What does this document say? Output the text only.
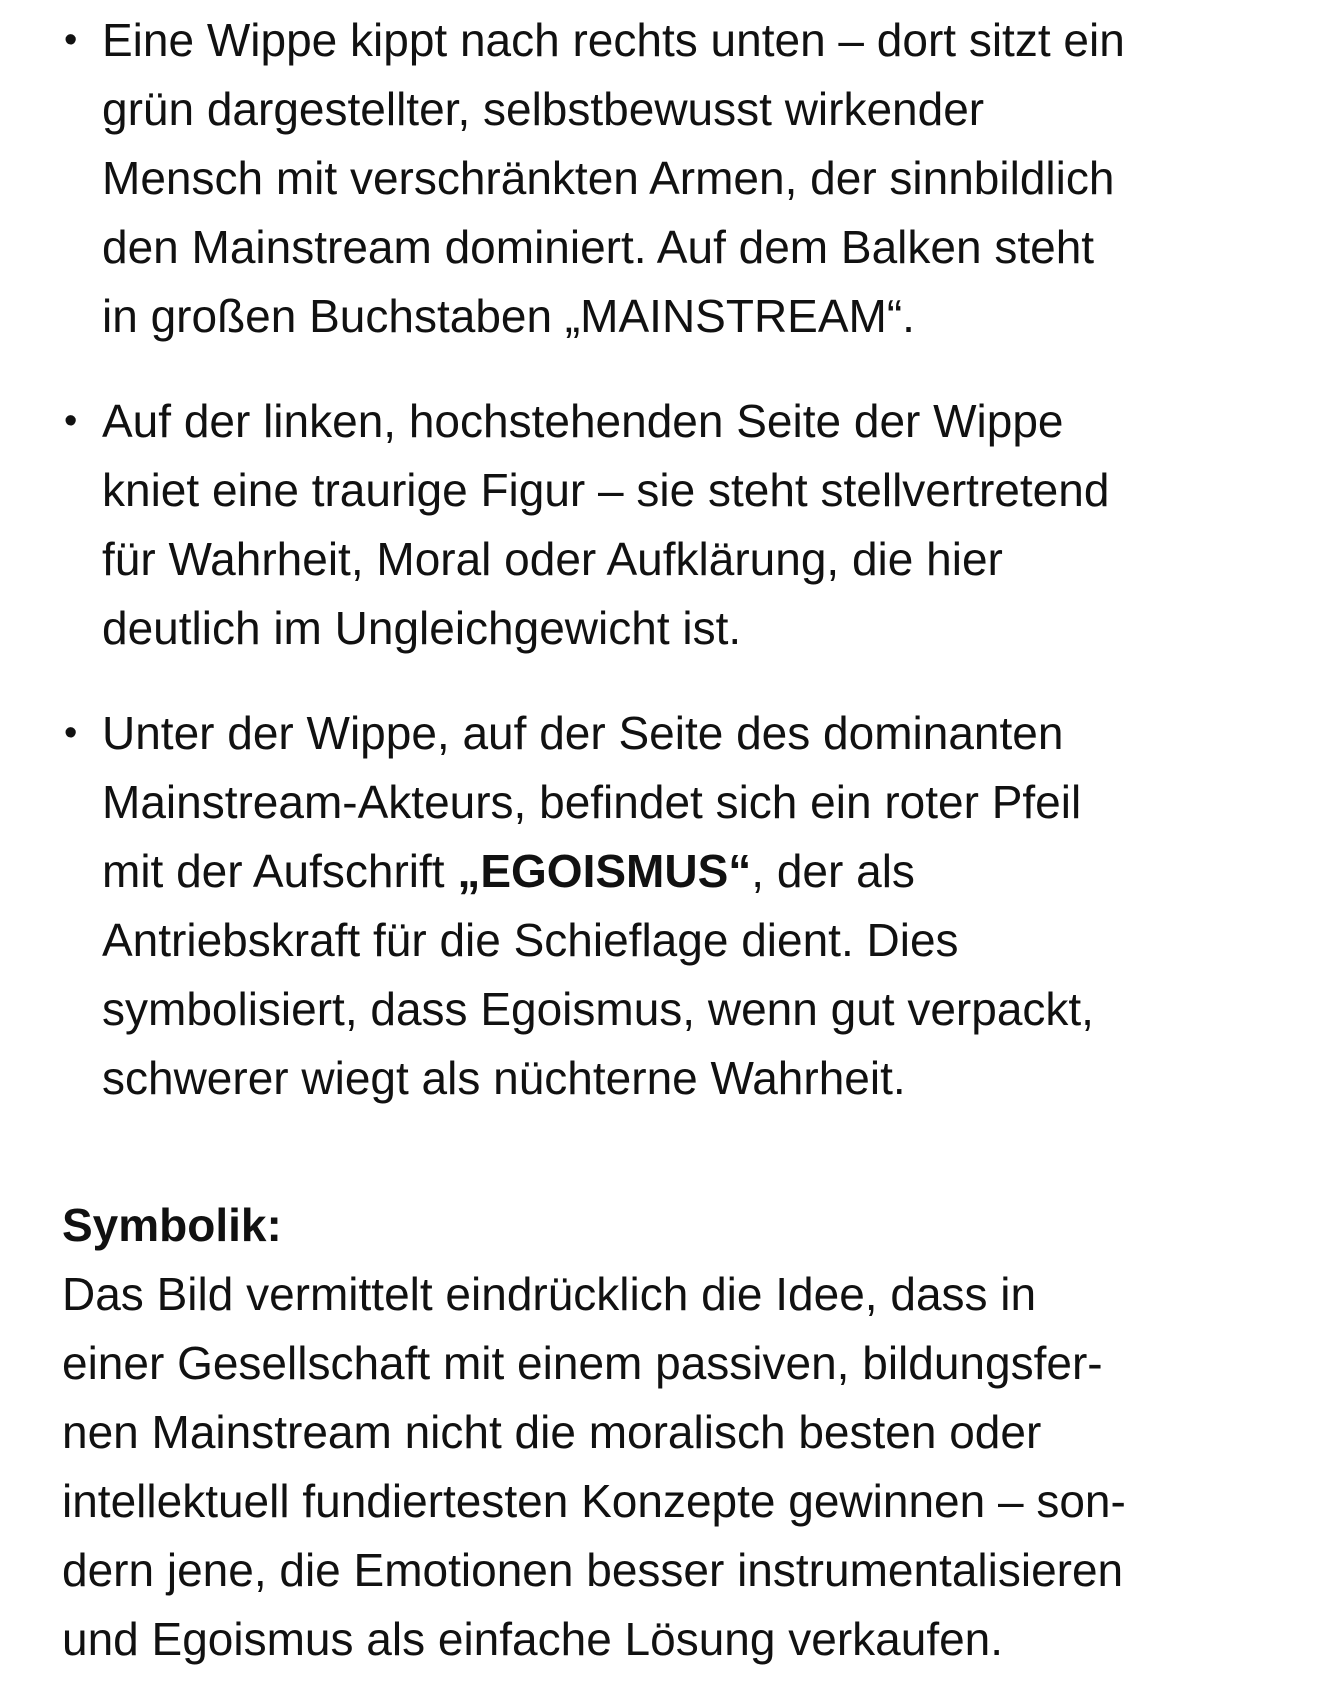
• Eine Wippe kippt nach rechts unten – dort sitzt ein
grün dargestellter, selbstbewusst wirkender
Mensch mit verschränkten Armen, der sinnbildlich
den Mainstream dominiert. Auf dem Balken steht
in großen Buchstaben „MAINSTREAM“.
• Auf der linken, hochstehenden Seite der Wippe
kniet eine traurige Figur – sie steht stellvertretend
für Wahrheit, Moral oder Aufklärung, die hier
deutlich im Ungleichgewicht ist.
• Unter der Wippe, auf der Seite des dominanten
Mainstream-Akteurs, befindet sich ein roter Pfeil
mit der Aufschrift „EGOISMUS“, der als
Antriebskraft für die Schieflage dient. Dies
symbolisiert, dass Egoismus, wenn gut verpackt,
schwerer wiegt als nüchterne Wahrheit.
Symbolik:
Das Bild vermittelt eindrücklich die Idee, dass in
einer Gesellschaft mit einem passiven, bildungsfer-
nen Mainstream nicht die moralisch besten oder
intellektuell fundiertesten Konzepte gewinnen – son-
dern jene, die Emotionen besser instrumentalisieren
und Egoismus als einfache Lösung verkaufen.
